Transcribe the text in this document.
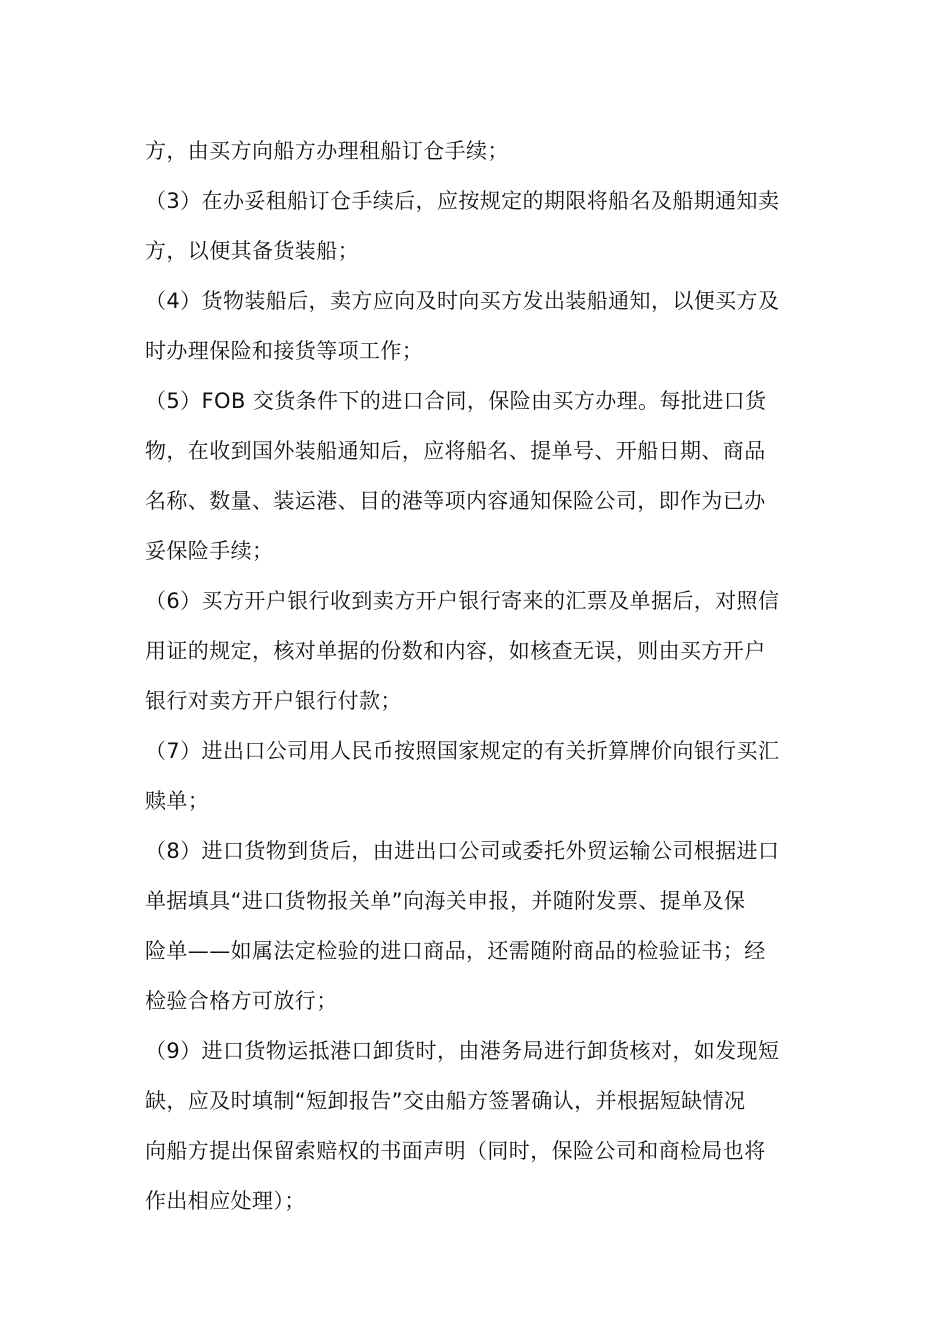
方，由买方向船方办理租船订仓手续；
（3）在办妥租船订仓手续后，应按规定的期限将船名及船期通知卖
方，以便其备货装船；
（4）货物装船后，卖方应向及时向买方发出装船通知，以便买方及
时办理保险和接货等项工作；
（5）FOB 交货条件下的进口合同，保险由买方办理。每批进口货
物，在收到国外装船通知后，应将船名、提单号、开船日期、商品
名称、数量、装运港、目的港等项内容通知保险公司，即作为已办
妥保险手续；
（6）买方开户银行收到卖方开户银行寄来的汇票及单据后，对照信
用证的规定，核对单据的份数和内容，如核查无误，则由买方开户
银行对卖方开户银行付款；
（7）进出口公司用人民币按照国家规定的有关折算牌价向银行买汇
赎单；
（8）进口货物到货后，由进出口公司或委托外贸运输公司根据进口
单据填具“进口货物报关单”向海关申报，并随附发票、提单及保
险单——如属法定检验的进口商品，还需随附商品的检验证书；经
检验合格方可放行；
（9）进口货物运抵港口卸货时，由港务局进行卸货核对，如发现短
缺，应及时填制“短卸报告”交由船方签署确认，并根据短缺情况
向船方提出保留索赔权的书面声明（同时，保险公司和商检局也将
作出相应处理）；
